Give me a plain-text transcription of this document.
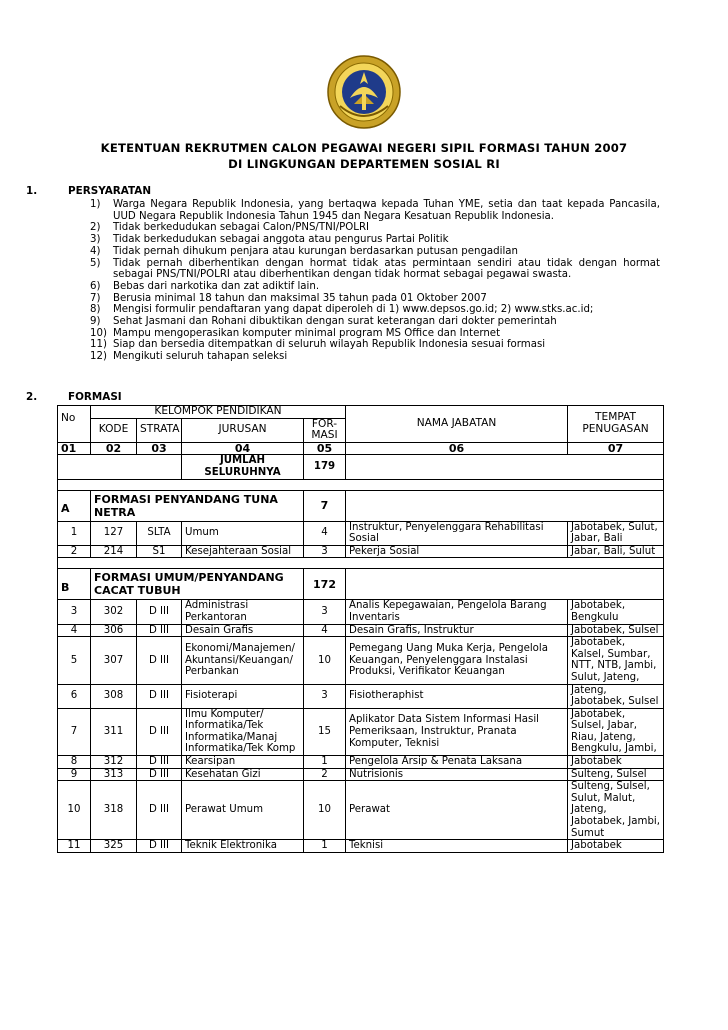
KETENTUAN REKRUTMEN CALON PEGAWAI NEGERI SIPIL FORMASI TAHUN 2007
DI LINGKUNGAN DEPARTEMEN SOSIAL RI
1.	PERSYARATAN
1) Warga Negara Republik Indonesia, yang bertaqwa kepada Tuhan YME, setia dan taat kepada Pancasila, UUD Negara Republik Indonesia Tahun 1945 dan Negara Kesatuan Republik Indonesia.
2) Tidak berkedudukan sebagai Calon/PNS/TNI/POLRI
3) Tidak berkedudukan sebagai anggota atau pengurus Partai Politik
4) Tidak pernah dihukum penjara atau kurungan berdasarkan putusan pengadilan
5) Tidak pernah diberhentikan dengan hormat tidak atas permintaan sendiri atau tidak dengan hormat sebagai PNS/TNI/POLRI atau diberhentikan dengan tidak hormat sebagai pegawai swasta.
6) Bebas dari narkotika dan zat adiktif lain.
7) Berusia minimal 18 tahun dan maksimal 35 tahun pada 01 Oktober 2007
8) Mengisi formulir pendaftaran yang dapat diperoleh di 1) www.depsos.go.id; 2) www.stks.ac.id;
9) Sehat Jasmani dan Rohani dibuktikan dengan surat keterangan dari dokter pemerintah
10) Mampu mengoperasikan komputer minimal program MS Office dan Internet
11) Siap dan bersedia ditempatkan di seluruh wilayah Republik Indonesia sesuai formasi
12) Mengikuti seluruh tahapan seleksi
2.	FORMASI
No	KELOMPOK PENDIDIKAN				NAMA JABATAN	TEMPAT PENUGASAN
	KODE	STRATA	JURUSAN	FOR-MASI		
01	02	03	04	05	06	07
			JUMLAH SELURUHNYA	179		

A	FORMASI PENYANDANG TUNA NETRA			7		
1	127	SLTA	Umum	4	Instruktur, Penyelenggara Rehabilitasi Sosial	Jabotabek, Sulut, Jabar, Bali
2	214	S1	Kesejahteraan Sosial	3	Pekerja Sosial	Jabar, Bali, Sulut

B	FORMASI UMUM/PENYANDANG CACAT TUBUH			172		
3	302	D III	Administrasi Perkantoran	3	Analis Kepegawaian, Pengelola Barang Inventaris	Jabotabek, Bengkulu
4	306	D III	Desain Grafis	4	Desain Grafis, Instruktur	Jabotabek, Sulsel
5	307	D III	Ekonomi/Manajemen/ Akuntansi/Keuangan/ Perbankan	10	Pemegang Uang Muka Kerja, Pengelola Keuangan, Penyelenggara Instalasi Produksi, Verifikator Keuangan	Jabotabek, Kalsel, Sumbar, NTT, NTB, Jambi, Sulut, Jateng,
6	308	D III	Fisioterapi	3	Fisiotheraphist	Jateng, Jabotabek, Sulsel
7	311	D III	Ilmu Komputer/ Informatika/Tek Informatika/Manaj Informatika/Tek Komp	15	Aplikator Data Sistem Informasi Hasil Pemeriksaan, Instruktur, Pranata Komputer, Teknisi	Jabotabek, Sulsel, Jabar, Riau, Jateng, Bengkulu, Jambi,
8	312	D III	Kearsipan	1	Pengelola Arsip & Penata Laksana	Jabotabek
9	313	D III	Kesehatan Gizi	2	Nutrisionis	Sulteng, Sulsel
10	318	D III	Perawat Umum	10	Perawat	Sulteng, Sulsel, Sulut, Malut, Jateng, Jabotabek, Jambi, Sumut
11	325	D III	Teknik Elektronika	1	Teknisi	Jabotabek
